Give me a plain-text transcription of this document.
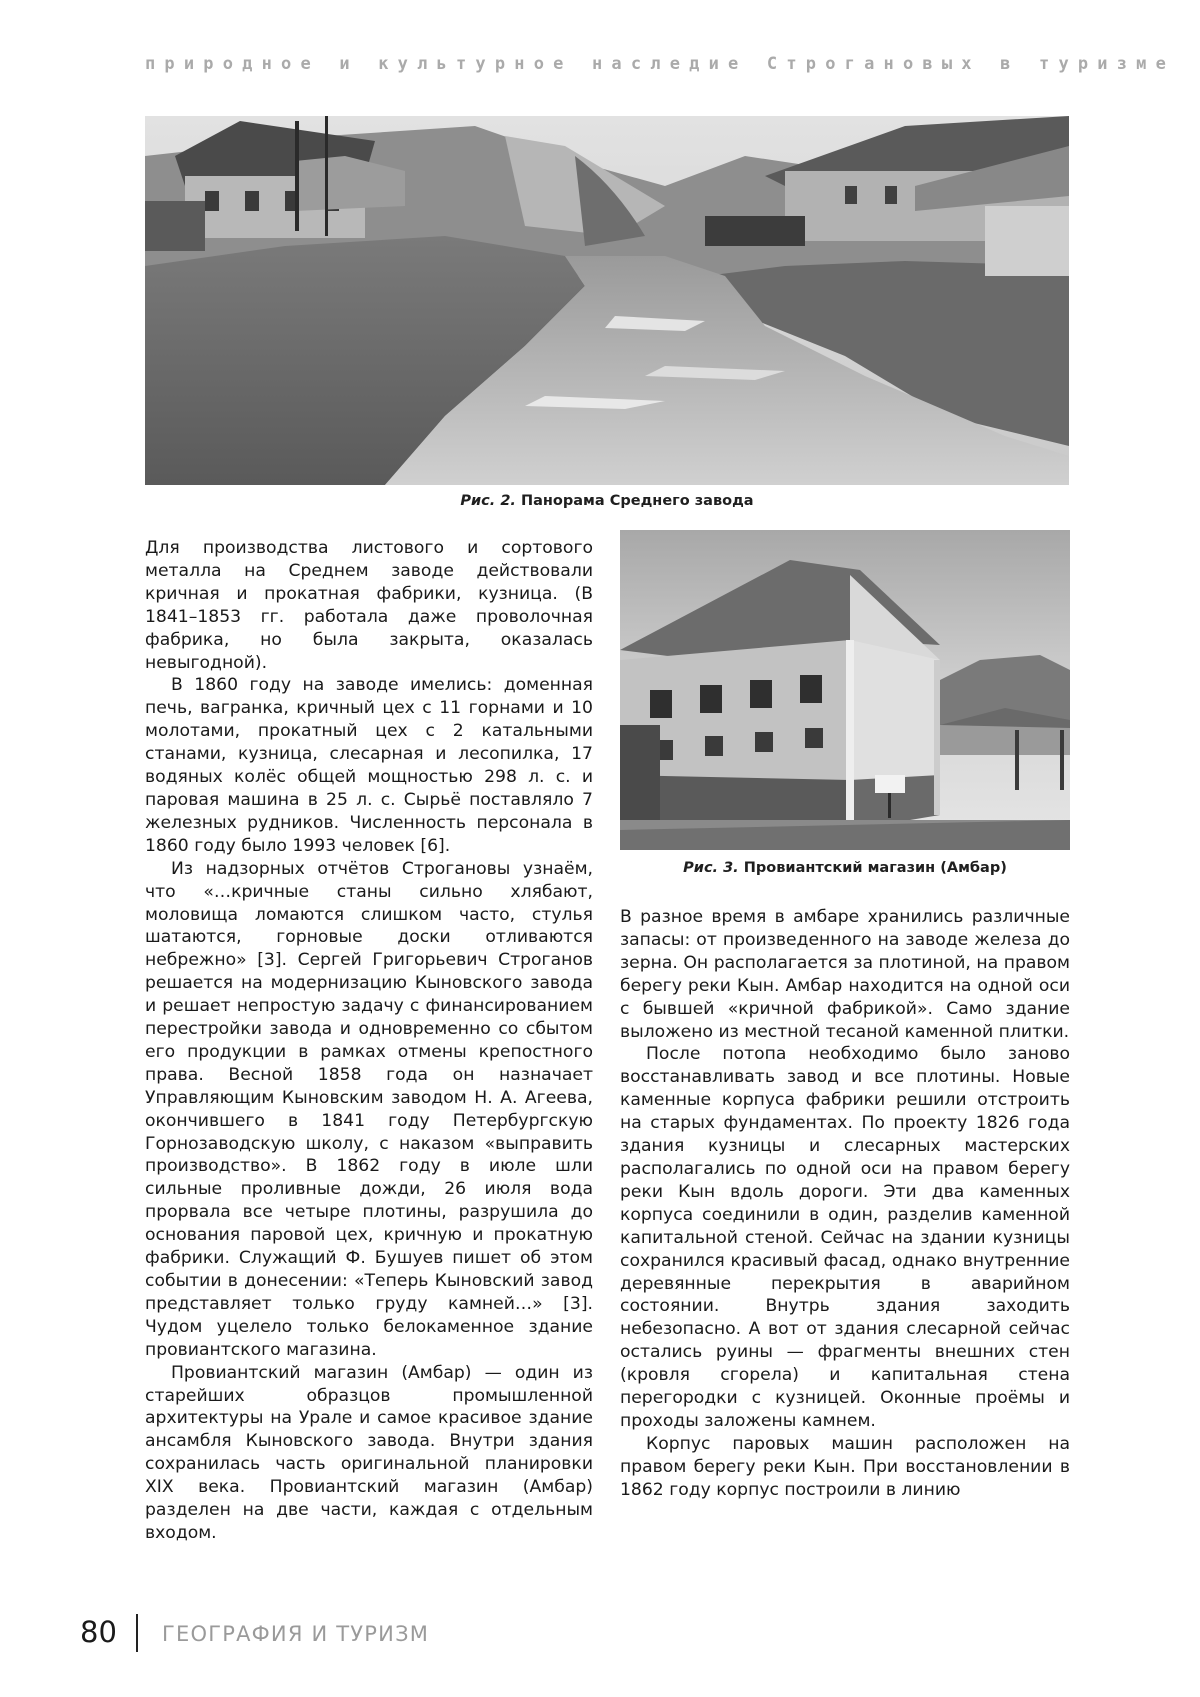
природное и культурное наследие Строгановых в туризме
Рис. 2. Панорама Среднего завода
Рис. 3. Провиантский магазин (Амбар)

Для производства листового и сортового металла на Среднем заводе действовали кричная и прокатная фабрики, кузница. (В 1841–1853 гг. работала даже проволочная фабрика, но была закрыта, оказалась невыгодной).

В 1860 году на заводе имелись: доменная печь, вагранка, кричный цех с 11 горнами и 10 молотами, прокатный цех с 2 катальными станами, кузница, слесарная и лесопилка, 17 водяных колёс общей мощностью 298 л. с. и паровая машина в 25 л. с. Сырьё поставляло 7 железных рудников. Численность персонала в 1860 году было 1993 человек [6].

Из надзорных отчётов Строгановы узнаём, что «…кричные станы сильно хлябают, моловища ломаются слишком часто, стулья шатаются, горновые доски отливаются небрежно» [3]. Сергей Григорьевич Строганов решается на модернизацию Кыновского завода и решает непростую задачу с финансированием перестройки завода и одновременно со сбытом его продукции в рамках отмены крепостного права. Весной 1858 года он назначает Управляющим Кыновским заводом Н. А. Агеева, окончившего в 1841 году Петербургскую Горнозаводскую школу, с наказом «выправить производство». В 1862 году в июле шли сильные проливные дожди, 26 июля вода прорвала все четыре плотины, разрушила до основания паровой цех, кричную и прокатную фабрики. Служащий Ф. Бушуев пишет об этом событии в донесении: «Теперь Кыновский завод представляет только груду камней…» [3]. Чудом уцелело только белокаменное здание провиантского магазина.

Провиантский магазин (Амбар) — один из старейших образцов промышленной архитектуры на Урале и самое красивое здание ансамбля Кыновского завода. Внутри здания сохранилась часть оригинальной планировки XIX века. Провиантский магазин (Амбар) разделен на две части, каждая с отдельным входом.

В разное время в амбаре хранились различные запасы: от произведенного на заводе железа до зерна. Он располагается за плотиной, на правом берегу реки Кын. Амбар находится на одной оси с бывшей «кричной фабрикой». Само здание выложено из местной тесаной каменной плитки.

После потопа необходимо было заново восстанавливать завод и все плотины. Новые каменные корпуса фабрики решили отстроить на старых фундаментах. По проекту 1826 года здания кузницы и слесарных мастерских располагались по одной оси на правом берегу реки Кын вдоль дороги. Эти два каменных корпуса соединили в один, разделив каменной капитальной стеной. Сейчас на здании кузницы сохранился красивый фасад, однако внутренние деревянные перекрытия в аварийном состоянии. Внутрь здания заходить небезопасно. А вот от здания слесарной сейчас остались руины — фрагменты внешних стен (кровля сгорела) и капитальная стена перегородки с кузницей. Оконные проёмы и проходы заложены камнем.

Корпус паровых машин расположен на правом берегу реки Кын. При восстановлении в 1862 году корпус построили в линию

80 ГЕОГРАФИЯ И ТУРИЗМ
